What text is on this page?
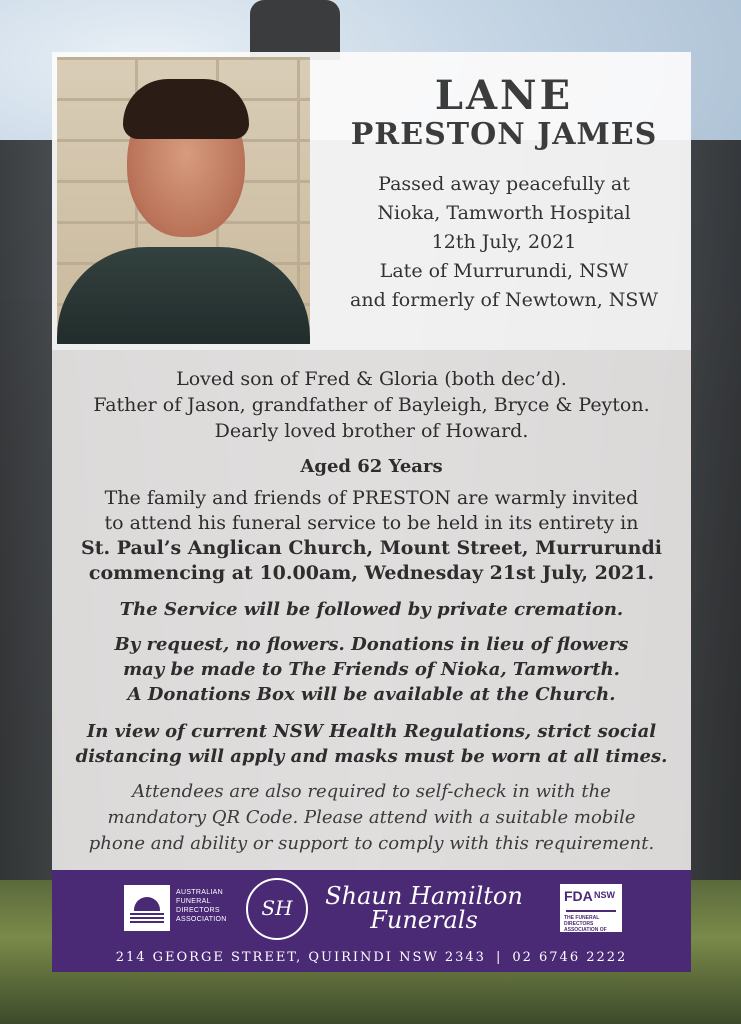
LANE
PRESTON JAMES
Passed away peacefully at
Nioka, Tamworth Hospital
12th July, 2021
Late of Murrurundi, NSW
and formerly of Newtown, NSW
Loved son of Fred & Gloria (both dec’d).
Father of Jason, grandfather of Bayleigh, Bryce & Peyton.
Dearly loved brother of Howard.
Aged 62 Years
The family and friends of PRESTON are warmly invited
to attend his funeral service to be held in its entirety in
St. Paul’s Anglican Church, Mount Street, Murrurundi
commencing at 10.00am, Wednesday 21st July, 2021.
The Service will be followed by private cremation.
By request, no flowers. Donations in lieu of flowers
may be made to The Friends of Nioka, Tamworth.
A Donations Box will be available at the Church.
In view of current NSW Health Regulations, strict social
distancing will apply and masks must be worn at all times.
Attendees are also required to self-check in with the
mandatory QR Code. Please attend with a suitable mobile
phone and ability or support to comply with this requirement.
AUSTRALIAN
FUNERAL
DIRECTORS
ASSOCIATION	SH	Shaun Hamilton
Funerals
FDA NSW
THE FUNERAL DIRECTORS ASSOCIATION OF NSW
214 GEORGE STREET, QUIRINDI NSW 2343 | 02 6746 2222
